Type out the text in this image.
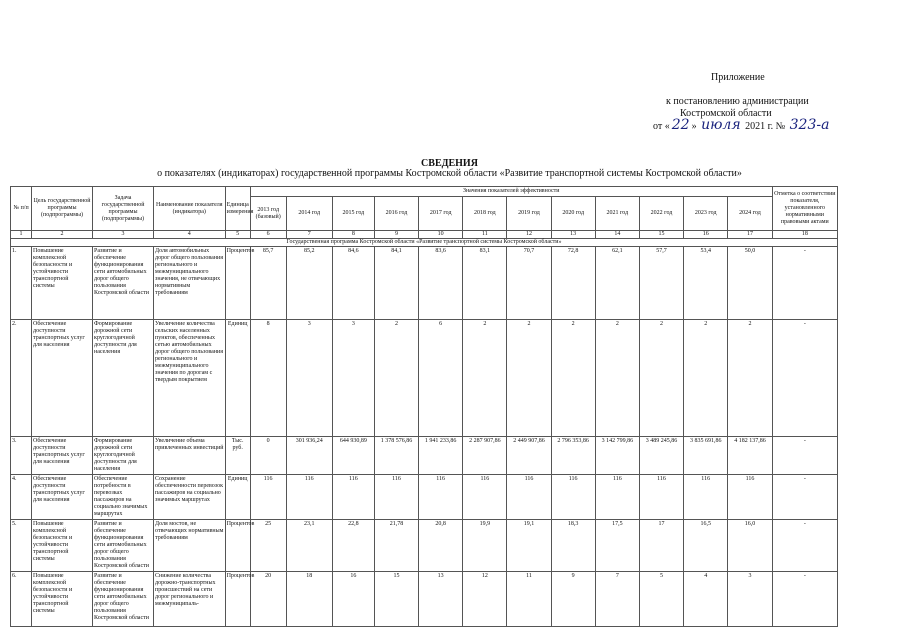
Приложение
к постановлению администрации
Костромской области
от « 22 » июля 2021 г. № 323-а
СВЕДЕНИЯ
о показателях (индикаторах) государственной программы Костромской области «Развитие транспортной системы Костромской области»
№ п/п	Цель государственной программы (подпрограммы)	Задача государственной программы (подпрограммы)	Наименование показателя (индикатора)	Единица измерения	Значения показателей эффективности												Отметка о соответствии показателя, установленного нормативными правовыми актами
					2013 год (базовый)	2014 год	2015 год	2016 год	2017 год	2018 год	2019 год	2020 год	2021 год	2022 год	2023 год	2024 год	
1	2	3	4	5	6	7	8	9	10	11	12	13	14	15	16	17	18
Государственная программа Костромской области «Развитие транспортной системы Костромской области»																	
1.	Повышение комплексной безопасности и устойчивости транспортной системы	Развитие и обеспечение функционирования сети автомобильных дорог общего пользования Костромской области	Доля автомобильных дорог общего пользования регионального и межмуниципального значения, не отвечающих нормативным требованиям	Процентов	85,7	85,2	84,6	84,1	83,6	83,1	70,7	72,8	62,1	57,7	53,4	50,0	-
2.	Обеспечение доступности транспортных услуг для населения	Формирование дорожной сети круглогодичной доступности для населения	Увеличение количества сельских населенных пунктов, обеспеченных сетью автомобильных дорог общего пользования регионального и межмуниципального значения по дорогам с твердым покрытием	Единиц	8	3	3	2	6	2	2	2	2	2	2	2	-
3.	Обеспечение доступности транспортных услуг для населения	Формирование дорожной сети круглогодичной доступности для населения	Увеличение объема привлеченных инвестиций	Тыс. руб.	0	301 936,24	644 930,89	1 378 576,86	1 941 233,86	2 287 907,86	2 449 907,86	2 796 353,86	3 142 799,86	3 489 245,86	3 835 691,86	4 182 137,86	-
4.	Обеспечение доступности транспортных услуг для населения	Обеспечение потребности в перевозках пассажиров на социально значимых маршрутах	Сохранение обеспеченности перевозок пассажиров на социально значимых маршрутах	Единиц	116	116	116	116	116	116	116	116	116	116	116	116	-
5.	Повышение комплексной безопасности и устойчивости транспортной системы	Развитие и обеспечение функционирования сети автомобильных дорог общего пользования Костромской области	Доля мостов, не отвечающих нормативным требованиям	Процентов	25	23,1	22,8	21,78	20,8	19,9	19,1	18,3	17,5	17	16,5	16,0	-
6.	Повышение комплексной безопасности и устойчивости транспортной системы	Развитие и обеспечение функционирования сети автомобильных дорог общего пользования Костромской области	Снижение количества дорожно-транспортных происшествий на сети дорог регионального и межмуниципаль-	Процентов	20	18	16	15	13	12	11	9	7	5	4	3	-
